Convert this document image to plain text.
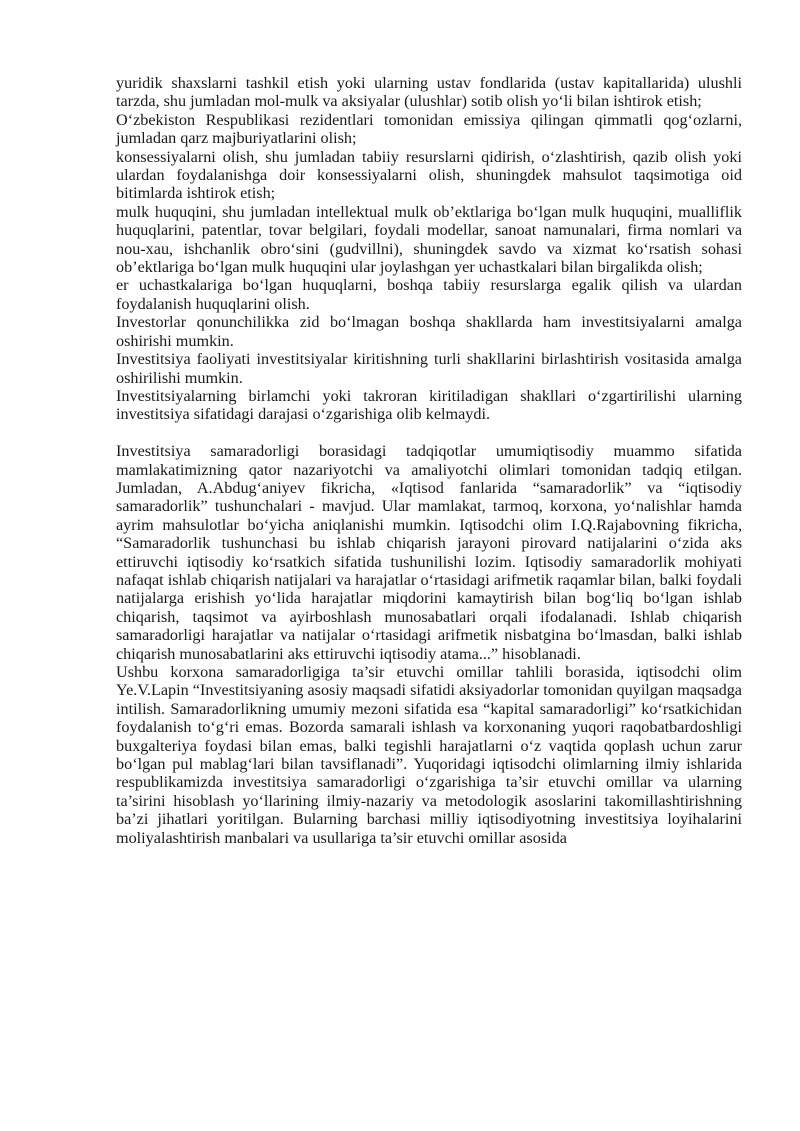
yuridik shaxslarni tashkil etish yoki ularning ustav fondlarida (ustav kapitallarida) ulushli tarzda, shu jumladan mol-mulk va aksiyalar (ulushlar) sotib olish yo‘li bilan ishtirok etish;

O‘zbekiston Respublikasi rezidentlari tomonidan emissiya qilingan qimmatli qog‘ozlarni, jumladan qarz majburiyatlarini olish;

konsessiyalarni olish, shu jumladan tabiiy resurslarni qidirish, o‘zlashtirish, qazib olish yoki ulardan foydalanishga doir konsessiyalarni olish, shuningdek mahsulot taqsimotiga oid bitimlarda ishtirok etish;

mulk huquqini, shu jumladan intellektual mulk ob’ektlariga bo‘lgan mulk huquqini, mualliflik huquqlarini, patentlar, tovar belgilari, foydali modellar, sanoat namunalari, firma nomlari va nou-xau, ishchanlik obro‘sini (gudvillni), shuningdek savdo va xizmat ko‘rsatish sohasi ob’ektlariga bo‘lgan mulk huquqini ular joylashgan yer uchastkalari bilan birgalikda olish;

er uchastkalariga bo‘lgan huquqlarni, boshqa tabiiy resurslarga egalik qilish va ulardan foydalanish huquqlarini olish.

Investorlar qonunchilikka zid bo‘lmagan boshqa shakllarda ham investitsiyalarni amalga oshirishi mumkin.

Investitsiya faoliyati investitsiyalar kiritishning turli shakllarini birlashtirish vositasida amalga oshirilishi mumkin.

Investitsiyalarning birlamchi yoki takroran kiritiladigan shakllari o‘zgartirilishi ularning investitsiya sifatidagi darajasi o‘zgarishiga olib kelmaydi.

Investitsiya samaradorligi borasidagi tadqiqotlar umumiqtisodiy muammo sifatida mamlakatimizning qator nazariyotchi va amaliyotchi olimlari tomonidan tadqiq etilgan. Jumladan, A.Abdug‘aniyev fikricha, «Iqtisod fanlarida “samaradorlik” va “iqtisodiy samaradorlik” tushunchalari - mavjud. Ular mamlakat, tarmoq, korxona, yo‘nalishlar hamda ayrim mahsulotlar bo‘yicha aniqlanishi mumkin. Iqtisodchi olim I.Q.Rajabovning fikricha, “Samaradorlik tushunchasi bu ishlab chiqarish jarayoni pirovard natijalarini o‘zida aks ettiruvchi iqtisodiy ko‘rsatkich sifatida tushunilishi lozim. Iqtisodiy samaradorlik mohiyati nafaqat ishlab chiqarish natijalari va harajatlar o‘rtasidagi arifmetik raqamlar bilan, balki foydali natijalarga erishish yo‘lida harajatlar miqdorini kamaytirish bilan bog‘liq bo‘lgan ishlab chiqarish, taqsimot va ayirboshlash munosabatlari orqali ifodalanadi. Ishlab chiqarish samaradorligi harajatlar va natijalar o‘rtasidagi arifmetik nisbatgina bo‘lmasdan, balki ishlab chiqarish munosabatlarini aks ettiruvchi iqtisodiy atama...” hisoblanadi.

Ushbu korxona samaradorligiga ta’sir etuvchi omillar tahlili borasida, iqtisodchi olim Ye.V.Lapin “Investitsiyaning asosiy maqsadi sifatidi aksiyadorlar tomonidan quyilgan maqsadga intilish. Samaradorlikning umumiy mezoni sifatida esa “kapital samaradorligi” ko‘rsatkichidan foydalanish to‘g‘ri emas. Bozorda samarali ishlash va korxonaning yuqori raqobatbardoshligi buxgalteriya foydasi bilan emas, balki tegishli harajatlarni o‘z vaqtida qoplash uchun zarur bo‘lgan pul mablag‘lari bilan tavsiflanadi”. Yuqoridagi iqtisodchi olimlarning ilmiy ishlarida respublikamizda investitsiya samaradorligi o‘zgarishiga ta’sir etuvchi omillar va ularning ta’sirini hisoblash yo‘llarining ilmiy-nazariy va metodologik asoslarini takomillashtirishning ba’zi jihatlari yoritilgan. Bularning barchasi milliy iqtisodiyotning investitsiya loyihalarini moliyalashtirish manbalari va usullariga ta’sir etuvchi omillar asosida
